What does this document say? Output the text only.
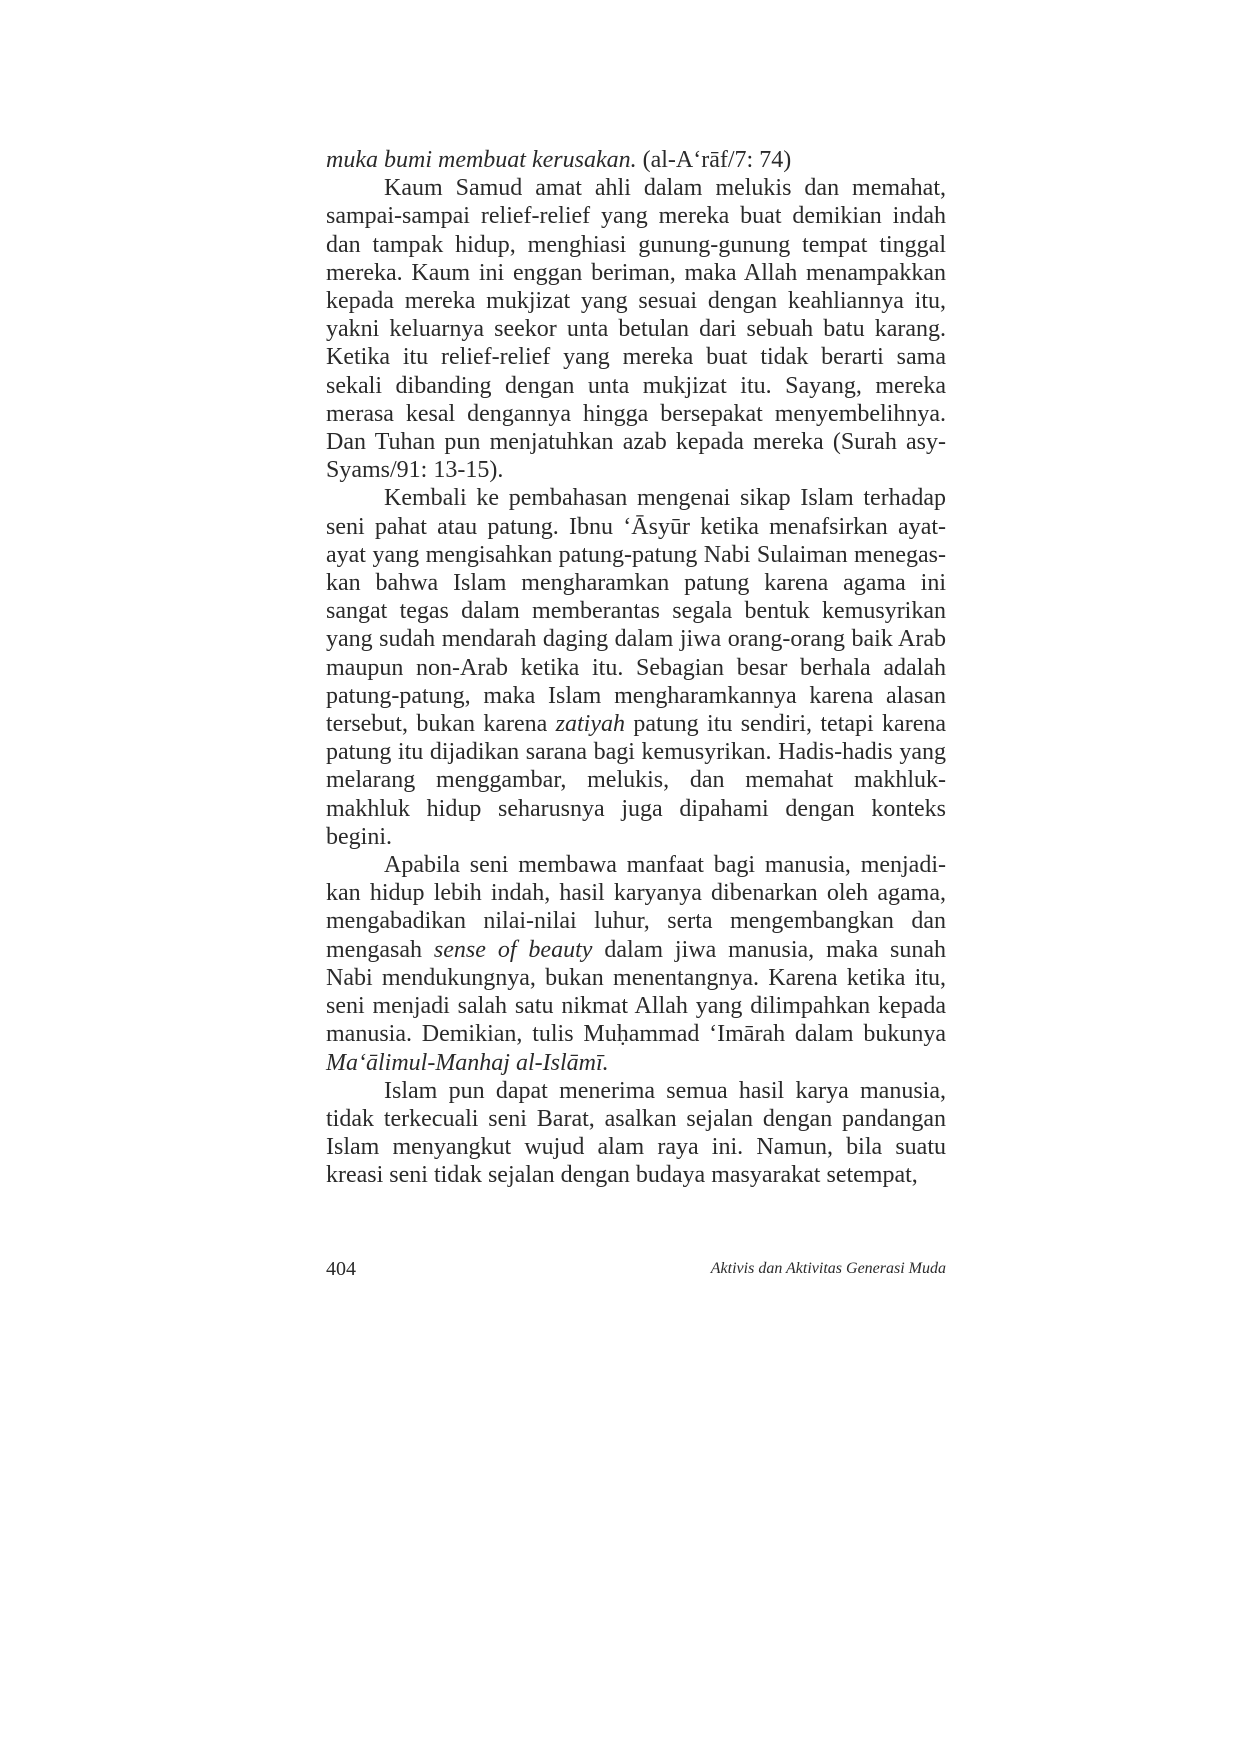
muka bumi membuat kerusakan. (al-A‘rāf/7: 74)

Kaum Samud amat ahli dalam melukis dan memahat, sampai-sampai relief-relief yang mereka buat demikian indah dan tampak hidup, menghiasi gunung-gunung tempat tinggal mereka. Kaum ini enggan beriman, maka Allah menampakkan kepada mereka mukjizat yang sesuai dengan keahliannya itu, yakni keluarnya seekor unta betulan dari sebuah batu karang. Ketika itu relief-relief yang mereka buat tidak berarti sama sekali dibanding dengan unta mukjizat itu. Sayang, mereka merasa kesal dengannya hingga bersepakat menyembelihnya. Dan Tuhan pun menjatuhkan azab kepada mereka (Surah asy-Syams/91: 13-15).

Kembali ke pembahasan mengenai sikap Islam terhadap seni pahat atau patung. Ibnu ‘Āsyūr ketika menafsirkan ayat-ayat yang mengisahkan patung-patung Nabi Sulaiman menegas-kan bahwa Islam mengharamkan patung karena agama ini sangat tegas dalam memberantas segala bentuk kemusyrikan yang sudah mendarah daging dalam jiwa orang-orang baik Arab maupun non-Arab ketika itu. Sebagian besar berhala adalah patung-patung, maka Islam mengharamkannya karena alasan tersebut, bukan karena zatiyah patung itu sendiri, tetapi karena patung itu dijadikan sarana bagi kemusyrikan. Hadis-hadis yang melarang menggambar, melukis, dan memahat makhluk-makhluk hidup seharusnya juga dipahami dengan konteks begini.

Apabila seni membawa manfaat bagi manusia, menjadi-kan hidup lebih indah, hasil karyanya dibenarkan oleh agama, mengabadikan nilai-nilai luhur, serta mengembangkan dan mengasah sense of beauty dalam jiwa manusia, maka sunah Nabi mendukungnya, bukan menentangnya. Karena ketika itu, seni menjadi salah satu nikmat Allah yang dilimpahkan kepada manusia. Demikian, tulis Muḥammad ‘Imārah dalam bukunya Ma‘ālimul-Manhaj al-Islāmī.

Islam pun dapat menerima semua hasil karya manusia, tidak terkecuali seni Barat, asalkan sejalan dengan pandangan Islam menyangkut wujud alam raya ini. Namun, bila suatu kreasi seni tidak sejalan dengan budaya masyarakat setempat,

404	Aktivis dan Aktivitas Generasi Muda
